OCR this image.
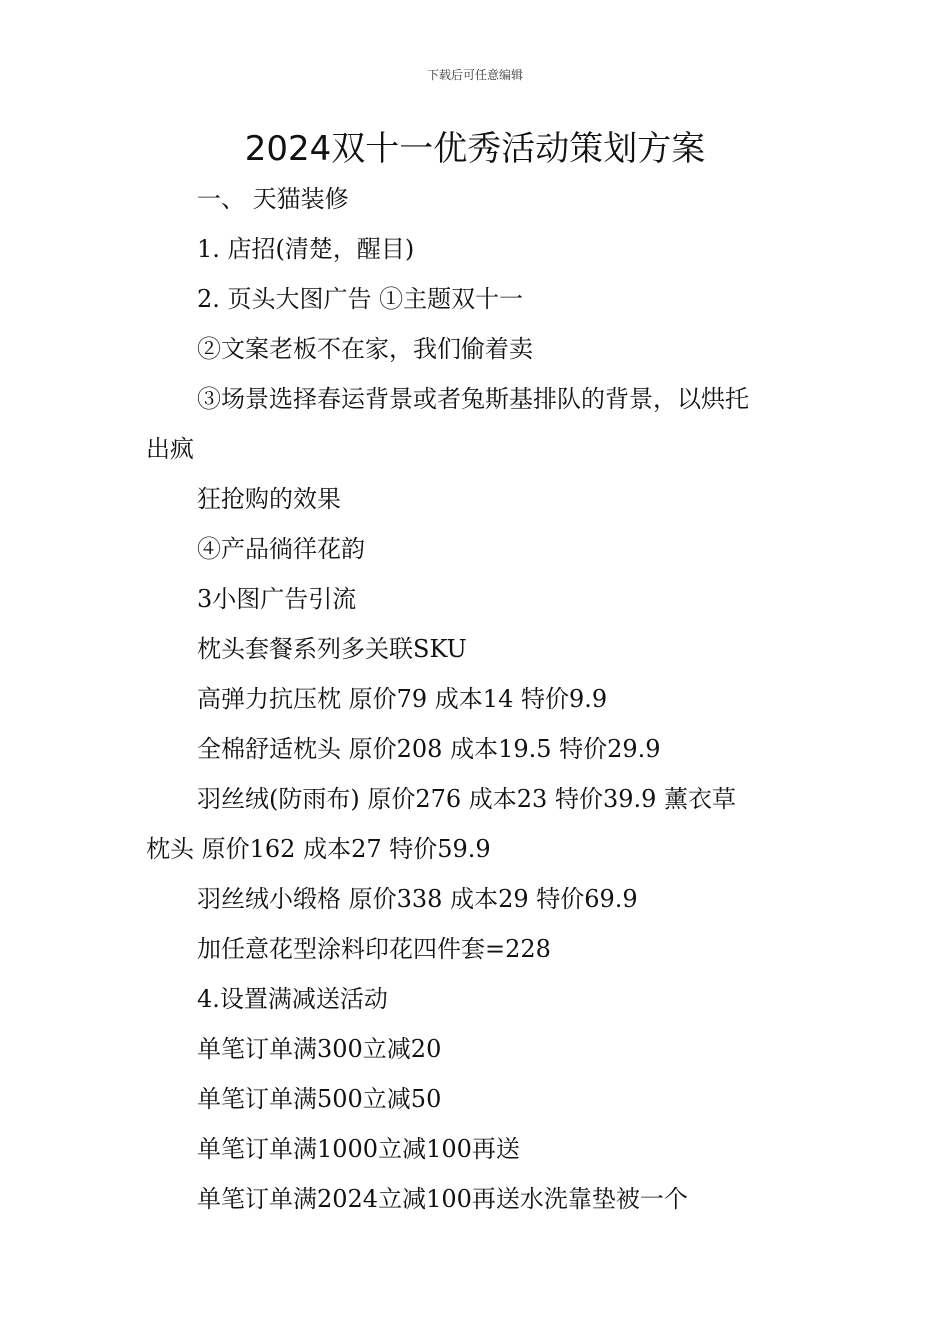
下载后可任意编辑
2024双十一优秀活动策划方案
一、 天猫装修
1. 店招(清楚，醒目)
2. 页头大图广告 ①主题双十一
②文案老板不在家，我们偷着卖
③场景选择春运背景或者兔斯基排队的背景，以烘托
出疯
狂抢购的效果
④产品徜徉花韵
3小图广告引流
枕头套餐系列多关联SKU
高弹力抗压枕 原价79 成本14 特价9.9
全棉舒适枕头 原价208 成本19.5 特价29.9
羽丝绒(防雨布) 原价276 成本23 特价39.9 薰衣草
枕头 原价162 成本27 特价59.9
羽丝绒小缎格 原价338 成本29 特价69.9
加任意花型涂料印花四件套=228
4.设置满减送活动
单笔订单满300立减20
单笔订单满500立减50
单笔订单满1000立减100再送
单笔订单满2024立减100再送水洗靠垫被一个
